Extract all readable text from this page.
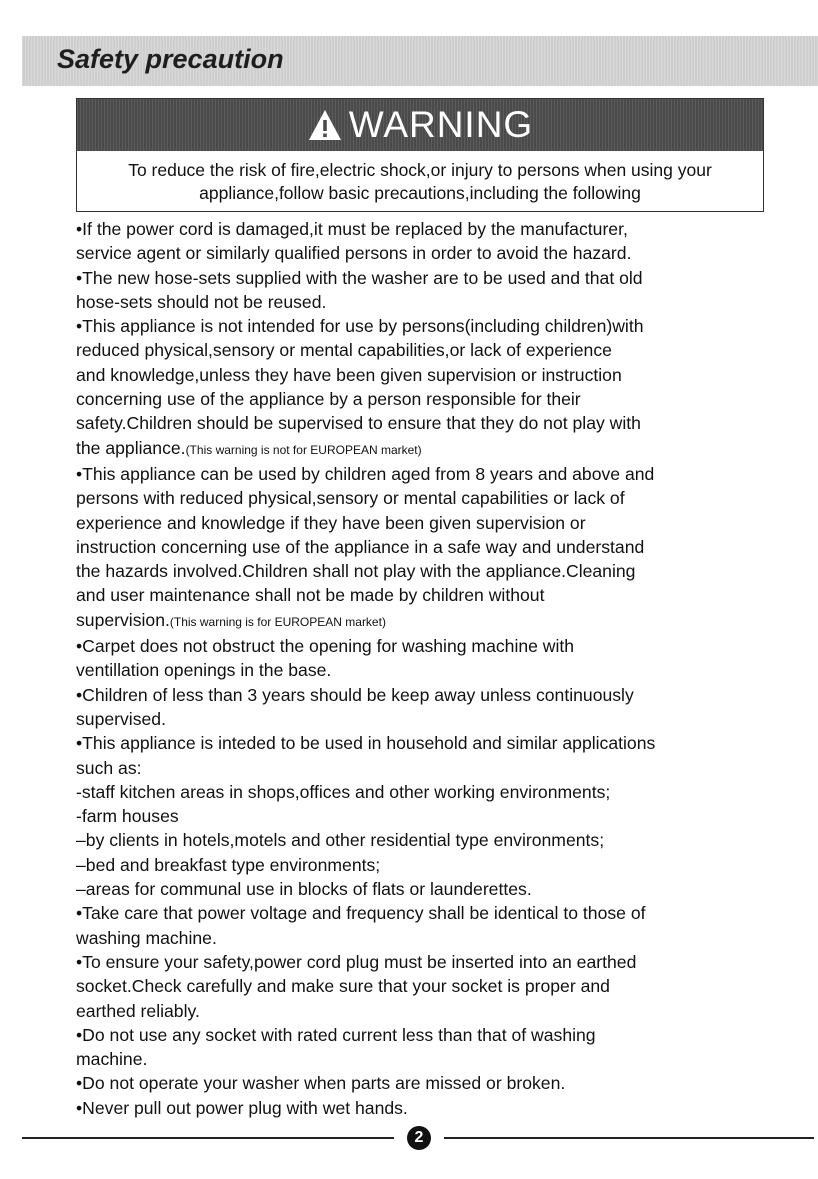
Safety precaution
WARNING
To reduce the risk of fire,electric shock,or injury to persons when using your
appliance,follow basic precautions,including the following
•If the power cord is damaged,it must be replaced by the manufacturer,
service agent or similarly qualified persons in order to avoid the hazard.
•The new hose-sets supplied with the washer are to be used and that old
hose-sets should not be reused.
•This appliance is not intended for use by persons(including children)with
reduced physical,sensory or mental capabilities,or lack of experience
and knowledge,unless they have been given supervision or instruction
concerning use of the appliance by a person responsible for their
safety.Children should be supervised to ensure that they do not play with
the appliance.(This warning is not for EUROPEAN market)
•This appliance can be used by children aged from 8 years and above and
persons with reduced physical,sensory or mental capabilities or lack of
experience and knowledge if they have been given supervision or
instruction concerning use of the appliance in a safe way and understand
the hazards involved.Children shall not play with the appliance.Cleaning
and user maintenance shall not be made by children without
supervision.(This warning is for EUROPEAN market)
•Carpet does not obstruct the opening for washing machine with
ventillation openings in the base.
•Children of less than 3 years should be keep away unless continuously
supervised.
•This appliance is inteded to be used in household and similar applications
such as:
-staff kitchen areas in shops,offices and other working environments;
-farm houses
–by clients in hotels,motels and other residential type environments;
–bed and breakfast type environments;
–areas for communal use in blocks of flats or launderettes.
•Take care that power voltage and frequency shall be identical to those of
washing machine.
•To ensure your safety,power cord plug must be inserted into an earthed
socket.Check carefully and make sure that your socket is proper and
earthed reliably.
•Do not use any socket with rated current less than that of washing
machine.
•Do not operate your washer when parts are missed or broken.
•Never pull out power plug with wet hands.
2
